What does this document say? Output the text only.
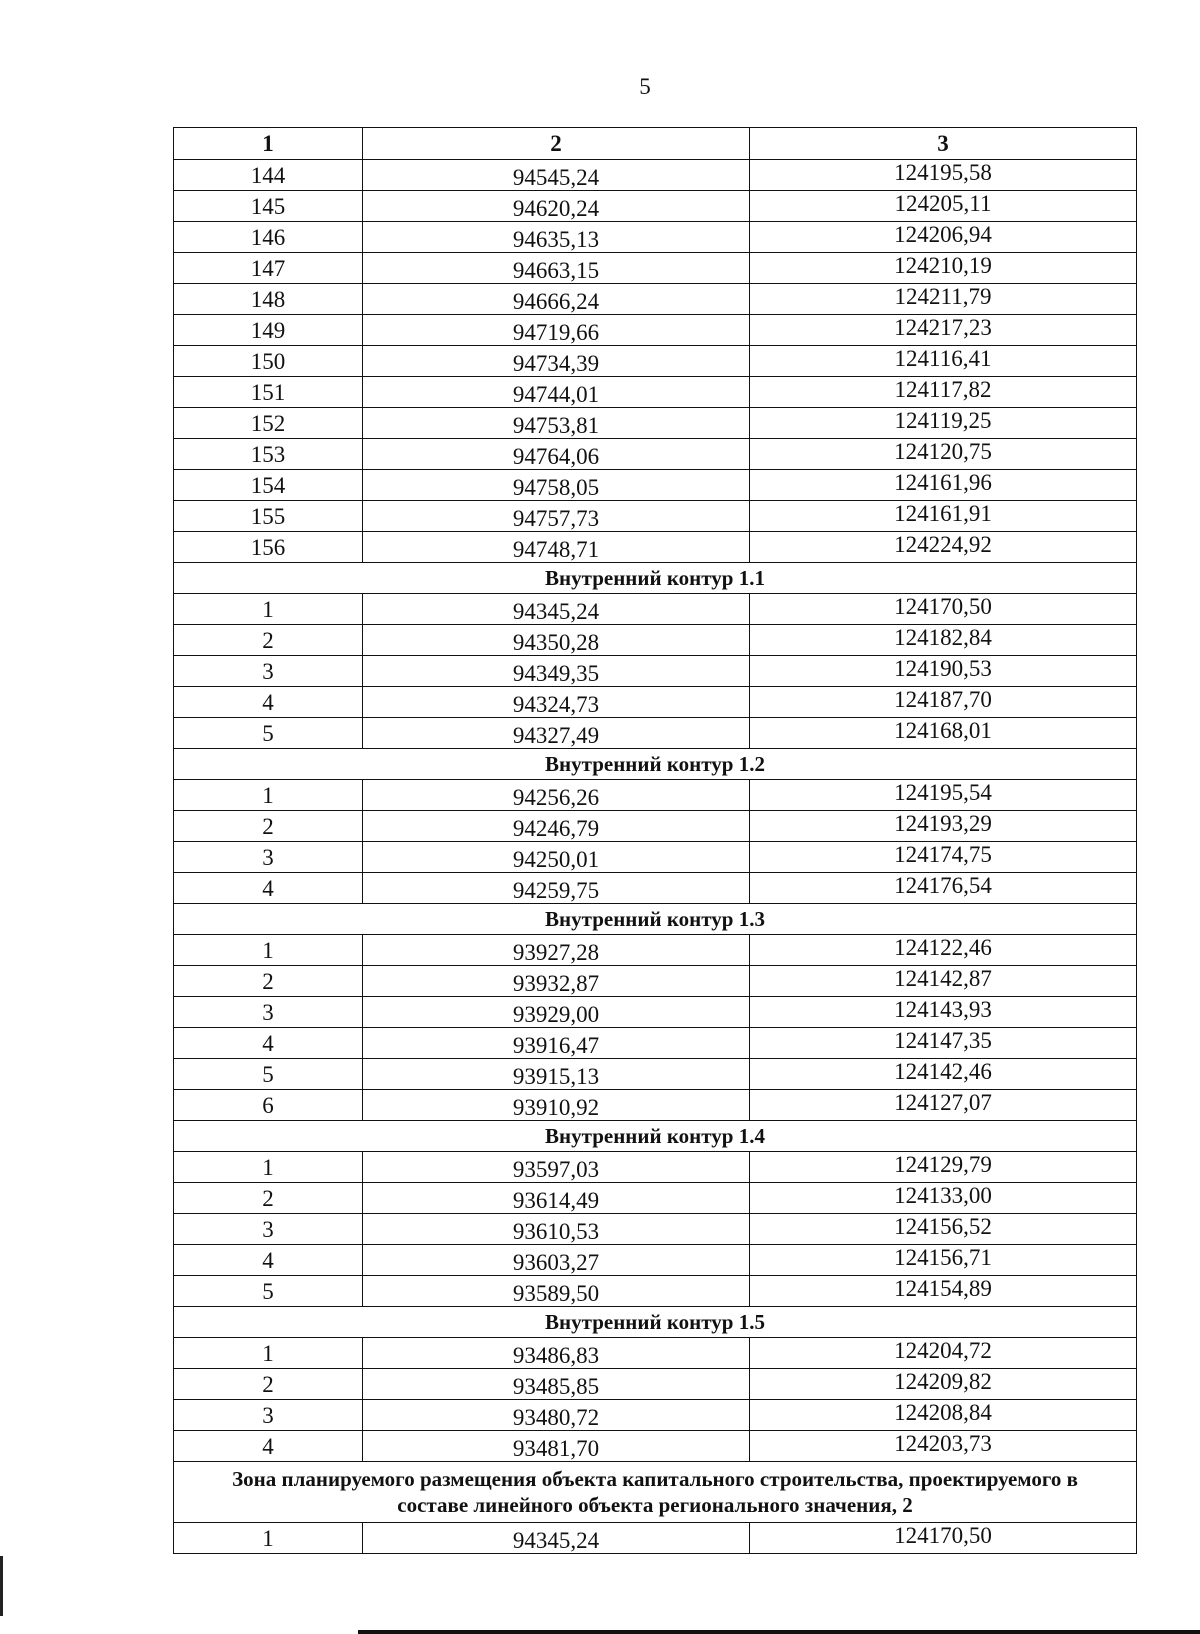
5
1	2	3
144	94545,24	124195,58
145	94620,24	124205,11
146	94635,13	124206,94
147	94663,15	124210,19
148	94666,24	124211,79
149	94719,66	124217,23
150	94734,39	124116,41
151	94744,01	124117,82
152	94753,81	124119,25
153	94764,06	124120,75
154	94758,05	124161,96
155	94757,73	124161,91
156	94748,71	124224,92
Внутренний контур 1.1		
1	94345,24	124170,50
2	94350,28	124182,84
3	94349,35	124190,53
4	94324,73	124187,70
5	94327,49	124168,01
Внутренний контур 1.2		
1	94256,26	124195,54
2	94246,79	124193,29
3	94250,01	124174,75
4	94259,75	124176,54
Внутренний контур 1.3		
1	93927,28	124122,46
2	93932,87	124142,87
3	93929,00	124143,93
4	93916,47	124147,35
5	93915,13	124142,46
6	93910,92	124127,07
Внутренний контур 1.4		
1	93597,03	124129,79
2	93614,49	124133,00
3	93610,53	124156,52
4	93603,27	124156,71
5	93589,50	124154,89
Внутренний контур 1.5		
1	93486,83	124204,72
2	93485,85	124209,82
3	93480,72	124208,84
4	93481,70	124203,73
Зона планируемого размещения объекта капитального строительства, проектируемого в составе линейного объекта регионального значения, 2		
1	94345,24	124170,50
